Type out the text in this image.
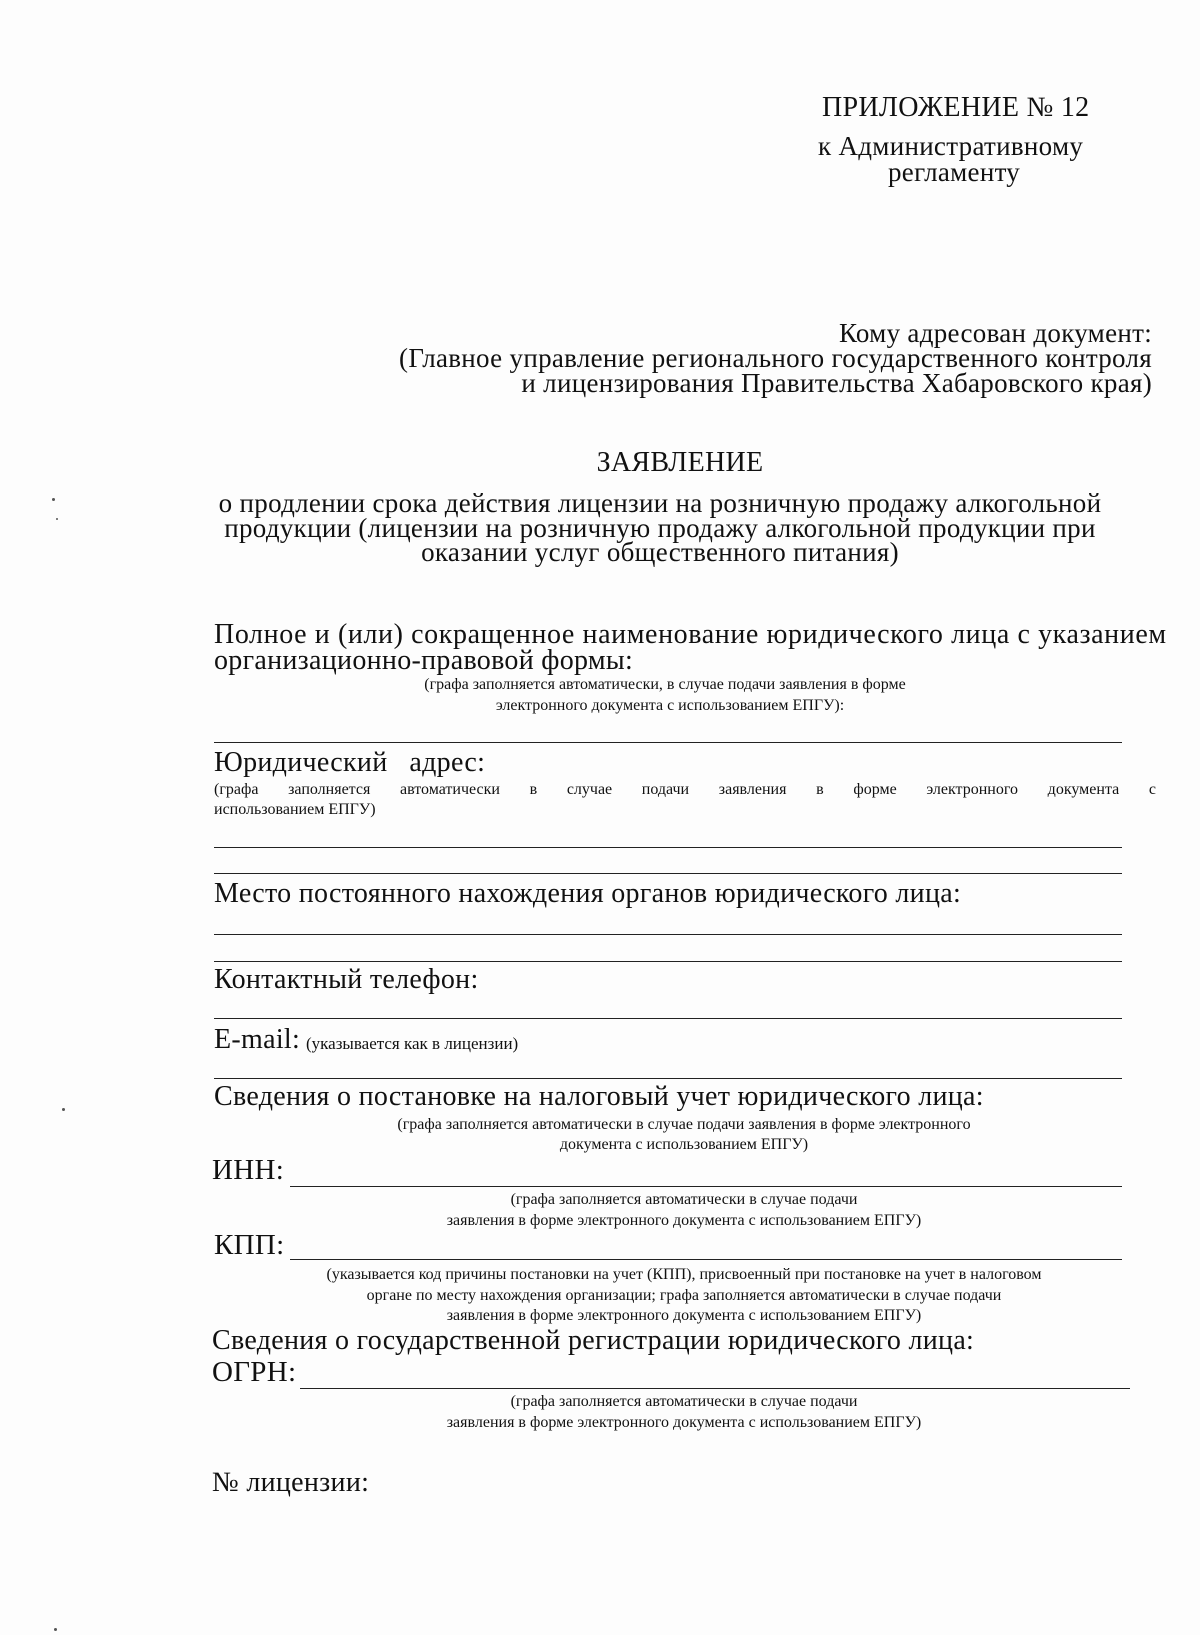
ПРИЛОЖЕНИЕ № 12
к Административному
регламенту
Кому адресован документ:
(Главное управление регионального государственного контроля
и лицензирования Правительства Хабаровского края)
ЗАЯВЛЕНИЕ
о продлении срока действия лицензии на розничную продажу алкогольной
продукции (лицензии на розничную продажу алкогольной продукции при
оказании услуг общественного питания)
Полное и (или) сокращенное наименование юридического лица с указанием
организационно-правовой формы:
(графа заполняется автоматически, в случае подачи заявления в форме
электронного документа с использованием ЕПГУ):
Юридический   адрес:
(графа заполняется автоматически в случае подачи заявления в форме электронного документа с
использованием ЕПГУ)
Место постоянного нахождения органов юридического лица:
Контактный телефон:
E-mail: (указывается как в лицензии)
Сведения о постановке на налоговый учет юридического лица:
(графа заполняется автоматически в случае подачи заявления в форме электронного
документа с использованием ЕПГУ)
ИНН:
(графа заполняется автоматически в случае подачи
заявления в форме электронного документа с использованием ЕПГУ)
КПП:
(указывается код причины постановки на учет (КПП), присвоенный при постановке на учет в налоговом
органе по месту нахождения организации; графа заполняется автоматически в случае подачи
заявления в форме электронного документа с использованием ЕПГУ)
Сведения о государственной регистрации юридического лица:
ОГРН:
(графа заполняется автоматически в случае подачи
заявления в форме электронного документа с использованием ЕПГУ)
№ лицензии:
